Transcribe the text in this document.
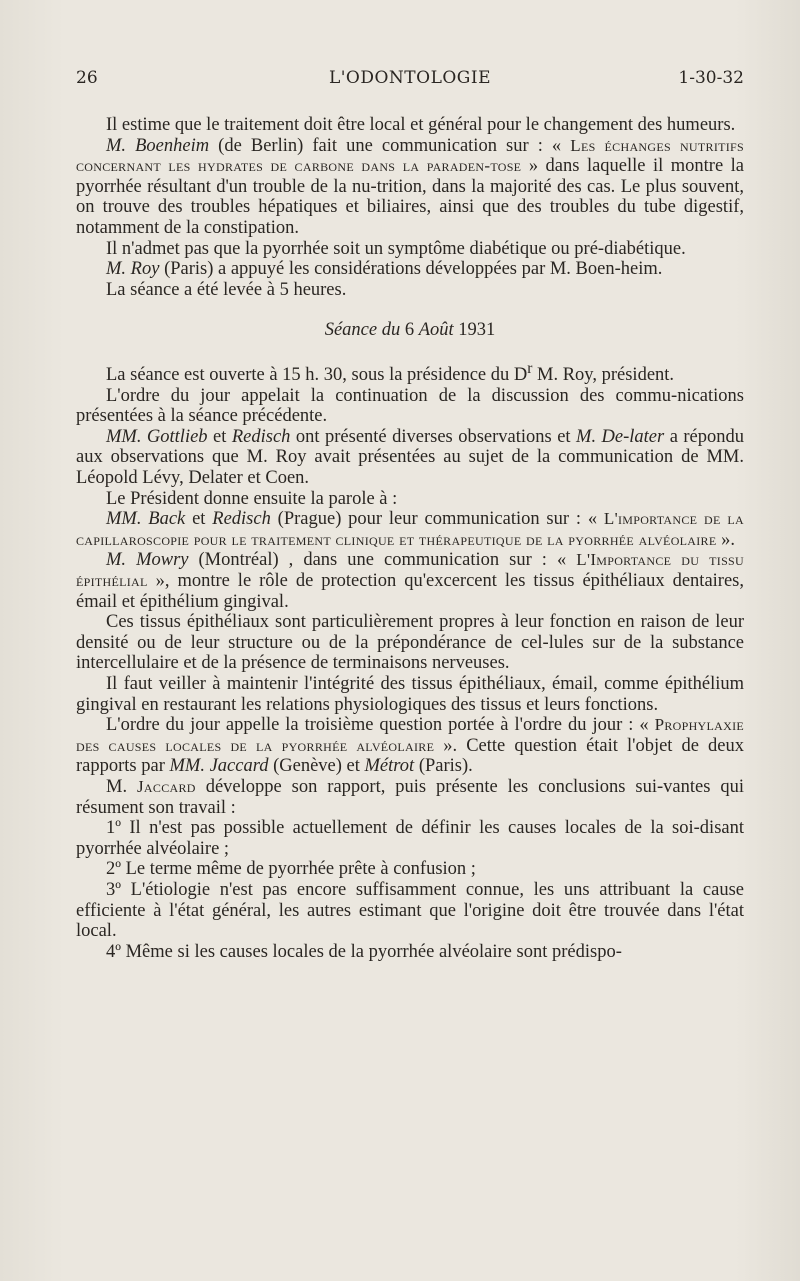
26	L'ODONTOLOGIE	1-30-32

Il estime que le traitement doit être local et général pour le changement des humeurs.

M. Boenheim (de Berlin) fait une communication sur : « Les échanges nutritifs concernant les hydrates de carbone dans la paraden-tose » dans laquelle il montre la pyorrhée résultant d'un trouble de la nu-trition, dans la majorité des cas. Le plus souvent, on trouve des troubles hépatiques et biliaires, ainsi que des troubles du tube digestif, notamment de la constipation.

Il n'admet pas que la pyorrhée soit un symptôme diabétique ou pré-diabétique.

M. Roy (Paris) a appuyé les considérations développées par M. Boen-heim.

La séance a été levée à 5 heures.

Séance du 6 Août 1931

La séance est ouverte à 15 h. 30, sous la présidence du $D^r$ M. Roy, président.

L'ordre du jour appelait la continuation de la discussion des commu-nications présentées à la séance précédente.

MM. Gottlieb et Redisch ont présenté diverses observations et M. De-later a répondu aux observations que M. Roy avait présentées au sujet de la communication de MM. Léopold Lévy, Delater et Coen.

Le Président donne ensuite la parole à :

MM. Back et Redisch (Prague) pour leur communication sur : « L'importance de la capillaroscopie pour le traitement clinique et thérapeutique de la pyorrhée alvéolaire ».

M. Mowry (Montréal) , dans une communication sur : « L'Importance du tissu épithélial », montre le rôle de protection qu'excercent les tissus épithéliaux dentaires, émail et épithélium gingival.

Ces tissus épithéliaux sont particulièrement propres à leur fonction en raison de leur densité ou de leur structure ou de la prépondérance de cel-lules sur de la substance intercellulaire et de la présence de terminaisons nerveuses.

Il faut veiller à maintenir l'intégrité des tissus épithéliaux, émail, comme épithélium gingival en restaurant les relations physiologiques des tissus et leurs fonctions.

L'ordre du jour appelle la troisième question portée à l'ordre du jour : « Prophylaxie des causes locales de la pyorrhée alvéolaire ». Cette question était l'objet de deux rapports par MM. Jaccard (Genève) et Métrot (Paris).

M. Jaccard développe son rapport, puis présente les conclusions sui-vantes qui résument son travail :

1º Il n'est pas possible actuellement de définir les causes locales de la soi-disant pyorrhée alvéolaire ;

2º Le terme même de pyorrhée prête à confusion ;

3º L'étiologie n'est pas encore suffisamment connue, les uns attribuant la cause efficiente à l'état général, les autres estimant que l'origine doit être trouvée dans l'état local.

4º Même si les causes locales de la pyorrhée alvéolaire sont prédispo-
